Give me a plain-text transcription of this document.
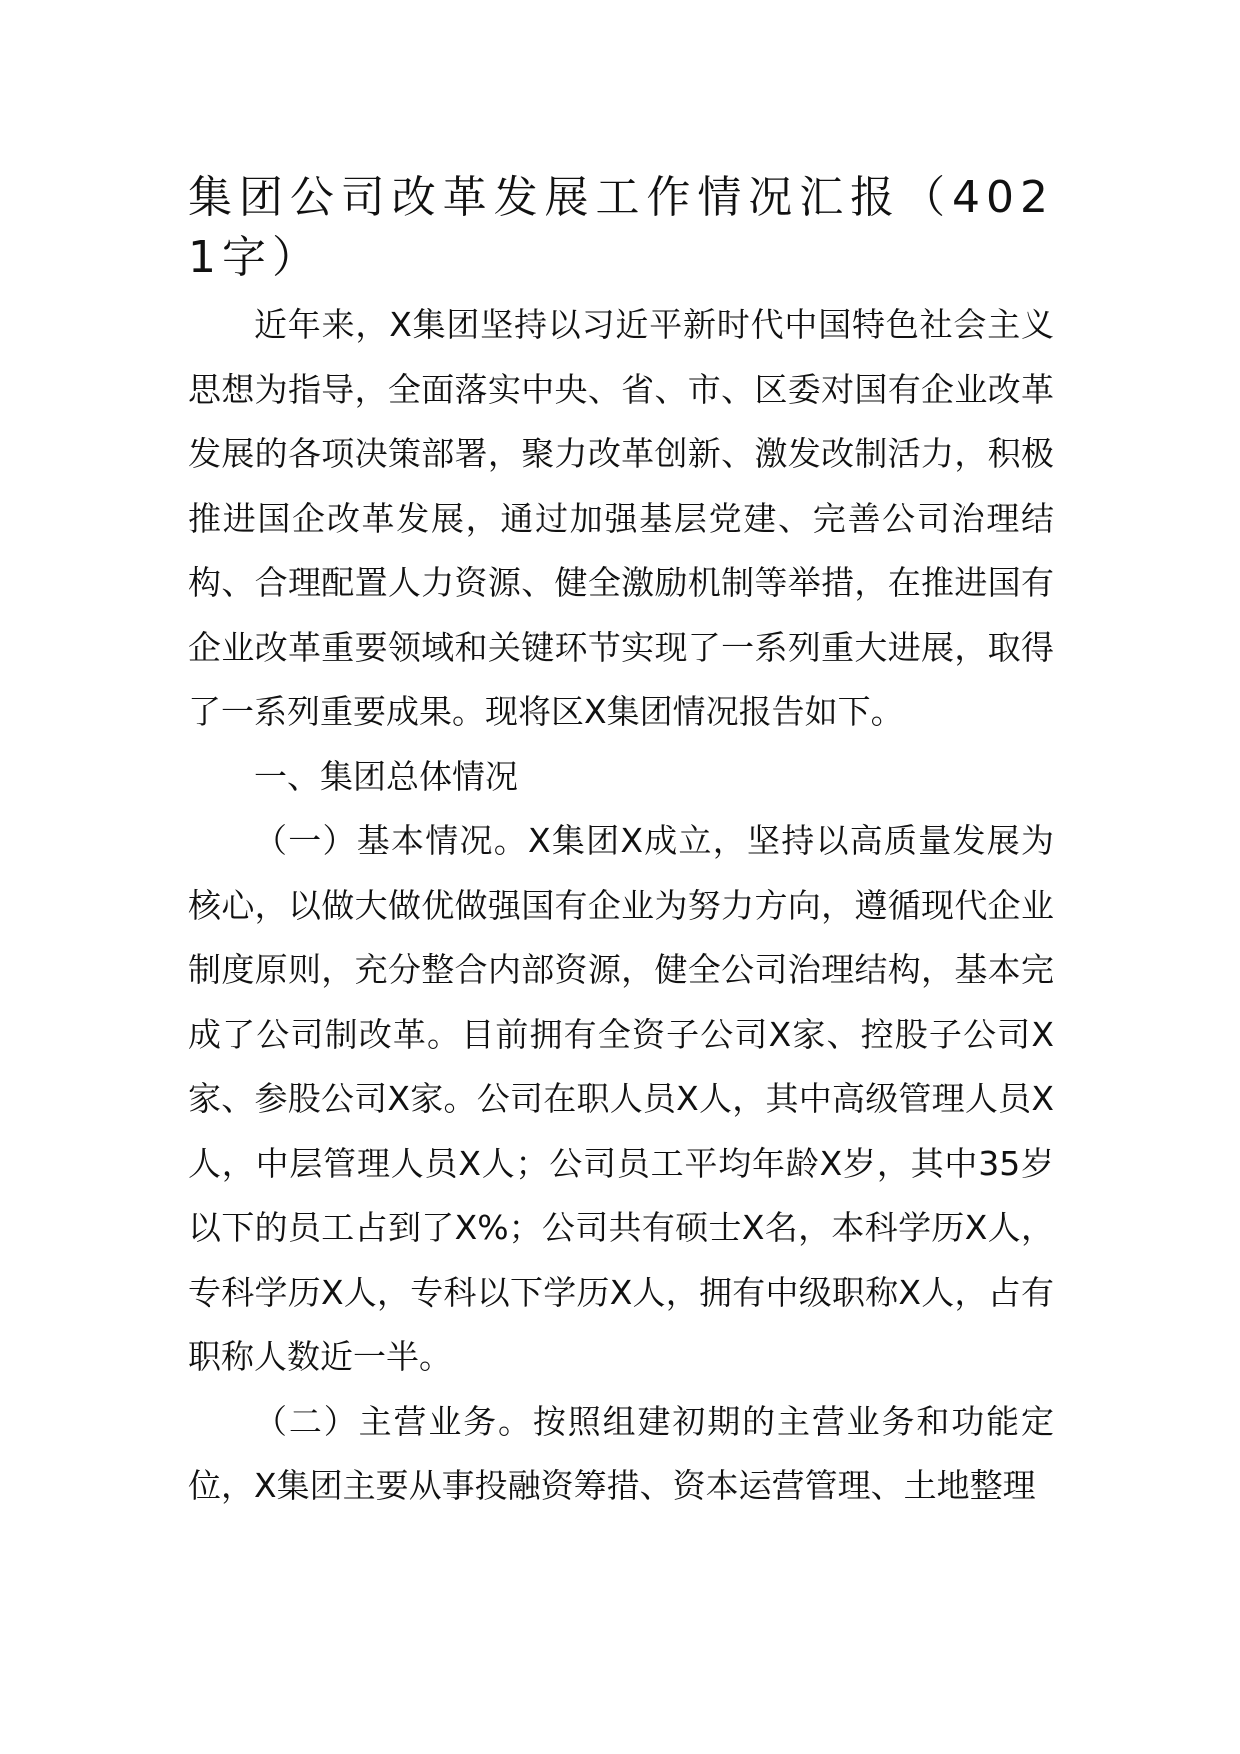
集团公司改革发展工作情况汇报（4021字）

近年来，X集团坚持以习近平新时代中国特色社会主义思想为指导，全面落实中央、省、市、区委对国有企业改革发展的各项决策部署，聚力改革创新、激发改制活力，积极推进国企改革发展，通过加强基层党建、完善公司治理结构、合理配置人力资源、健全激励机制等举措，在推进国有企业改革重要领域和关键环节实现了一系列重大进展，取得了一系列重要成果。现将区X集团情况报告如下。

一、集团总体情况

（一）基本情况。X集团X成立，坚持以高质量发展为核心，以做大做优做强国有企业为努力方向，遵循现代企业制度原则，充分整合内部资源，健全公司治理结构，基本完成了公司制改革。目前拥有全资子公司X家、控股子公司X家、参股公司X家。公司在职人员X人，其中高级管理人员X人，中层管理人员X人；公司员工平均年龄X岁，其中35岁以下的员工占到了X%；公司共有硕士X名，本科学历X人，专科学历X人，专科以下学历X人，拥有中级职称X人，占有职称人数近一半。

（二）主营业务。按照组建初期的主营业务和功能定位，X集团主要从事投融资筹措、资本运营管理、土地整理
